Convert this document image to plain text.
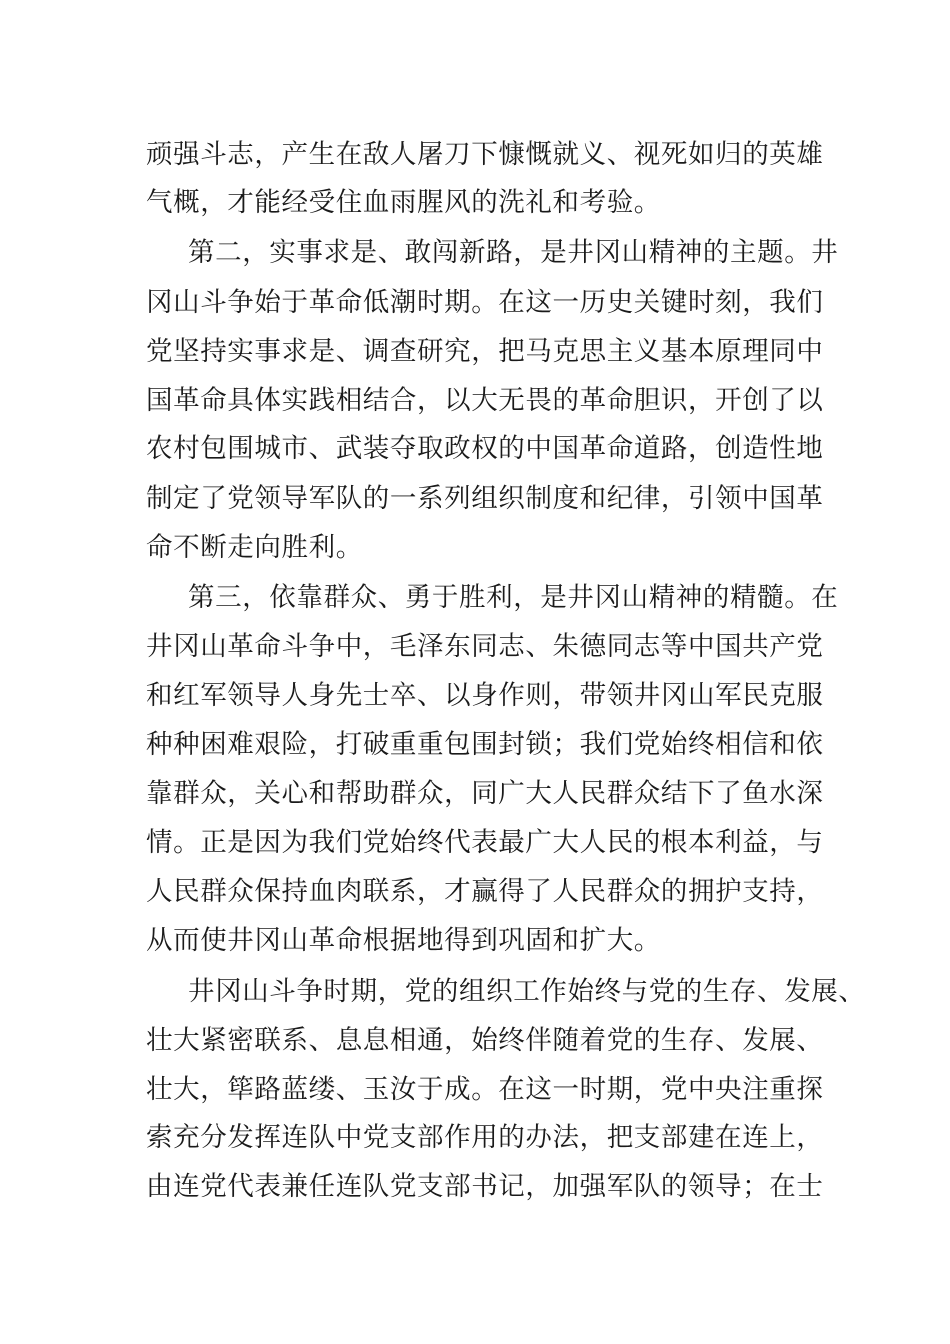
顽强斗志，产生在敌人屠刀下慷慨就义、视死如归的英雄
气概，才能经受住血雨腥风的洗礼和考验。
第二，实事求是、敢闯新路，是井冈山精神的主题。井
冈山斗争始于革命低潮时期。在这一历史关键时刻，我们
党坚持实事求是、调查研究，把马克思主义基本原理同中
国革命具体实践相结合，以大无畏的革命胆识，开创了以
农村包围城市、武装夺取政权的中国革命道路，创造性地
制定了党领导军队的一系列组织制度和纪律，引领中国革
命不断走向胜利。
第三，依靠群众、勇于胜利，是井冈山精神的精髓。在
井冈山革命斗争中，毛泽东同志、朱德同志等中国共产党
和红军领导人身先士卒、以身作则，带领井冈山军民克服
种种困难艰险，打破重重包围封锁；我们党始终相信和依
靠群众，关心和帮助群众，同广大人民群众结下了鱼水深
情。正是因为我们党始终代表最广大人民的根本利益，与
人民群众保持血肉联系，才赢得了人民群众的拥护支持，
从而使井冈山革命根据地得到巩固和扩大。
井冈山斗争时期，党的组织工作始终与党的生存、发展、
壮大紧密联系、息息相通，始终伴随着党的生存、发展、
壮大，筚路蓝缕、玉汝于成。在这一时期，党中央注重探
索充分发挥连队中党支部作用的办法，把支部建在连上，
由连党代表兼任连队党支部书记，加强军队的领导；在士
